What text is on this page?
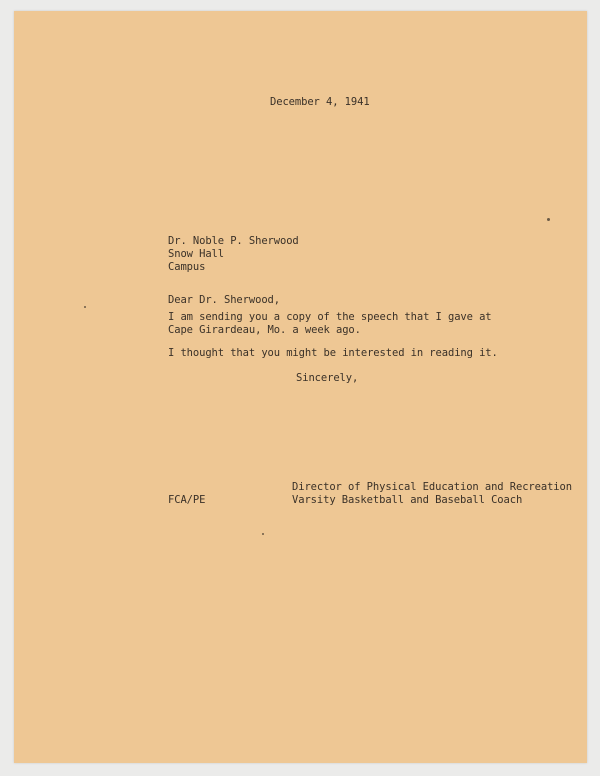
December 4, 1941
Dr. Noble P. Sherwood
Snow Hall
Campus
Dear Dr. Sherwood,
I am sending you a copy of the speech that I gave at
Cape Girardeau, Mo. a week ago.
I thought that you might be interested in reading it.
Sincerely,
FCA/PE
Director of Physical Education and Recreation
Varsity Basketball and Baseball Coach
